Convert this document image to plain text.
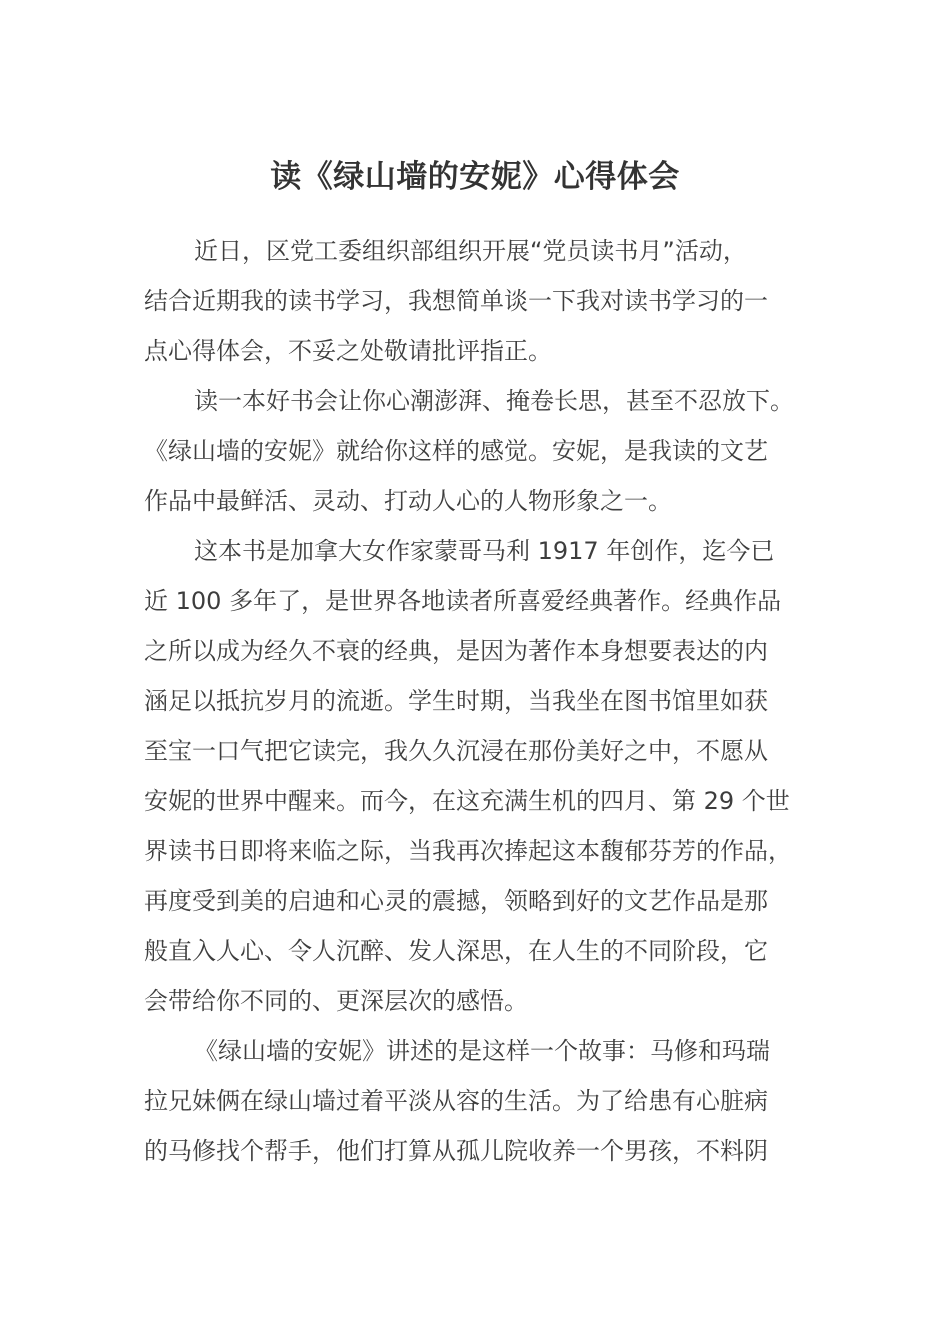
读《绿山墙的安妮》心得体会

近日，区党工委组织部组织开展“党员读书月”活动，
结合近期我的读书学习，我想简单谈一下我对读书学习的一
点心得体会，不妥之处敬请批评指正。

读一本好书会让你心潮澎湃、掩卷长思，甚至不忍放下。
《绿山墙的安妮》就给你这样的感觉。安妮，是我读的文艺
作品中最鲜活、灵动、打动人心的人物形象之一。

这本书是加拿大女作家蒙哥马利 1917 年创作，迄今已
近 100 多年了，是世界各地读者所喜爱经典著作。经典作品
之所以成为经久不衰的经典，是因为著作本身想要表达的内
涵足以抵抗岁月的流逝。学生时期，当我坐在图书馆里如获
至宝一口气把它读完，我久久沉浸在那份美好之中，不愿从
安妮的世界中醒来。而今，在这充满生机的四月、第 29 个世
界读书日即将来临之际，当我再次捧起这本馥郁芬芳的作品，
再度受到美的启迪和心灵的震撼，领略到好的文艺作品是那
般直入人心、令人沉醉、发人深思，在人生的不同阶段，它
会带给你不同的、更深层次的感悟。

《绿山墙的安妮》讲述的是这样一个故事：马修和玛瑞
拉兄妹俩在绿山墙过着平淡从容的生活。为了给患有心脏病
的马修找个帮手，他们打算从孤儿院收养一个男孩，不料阴
